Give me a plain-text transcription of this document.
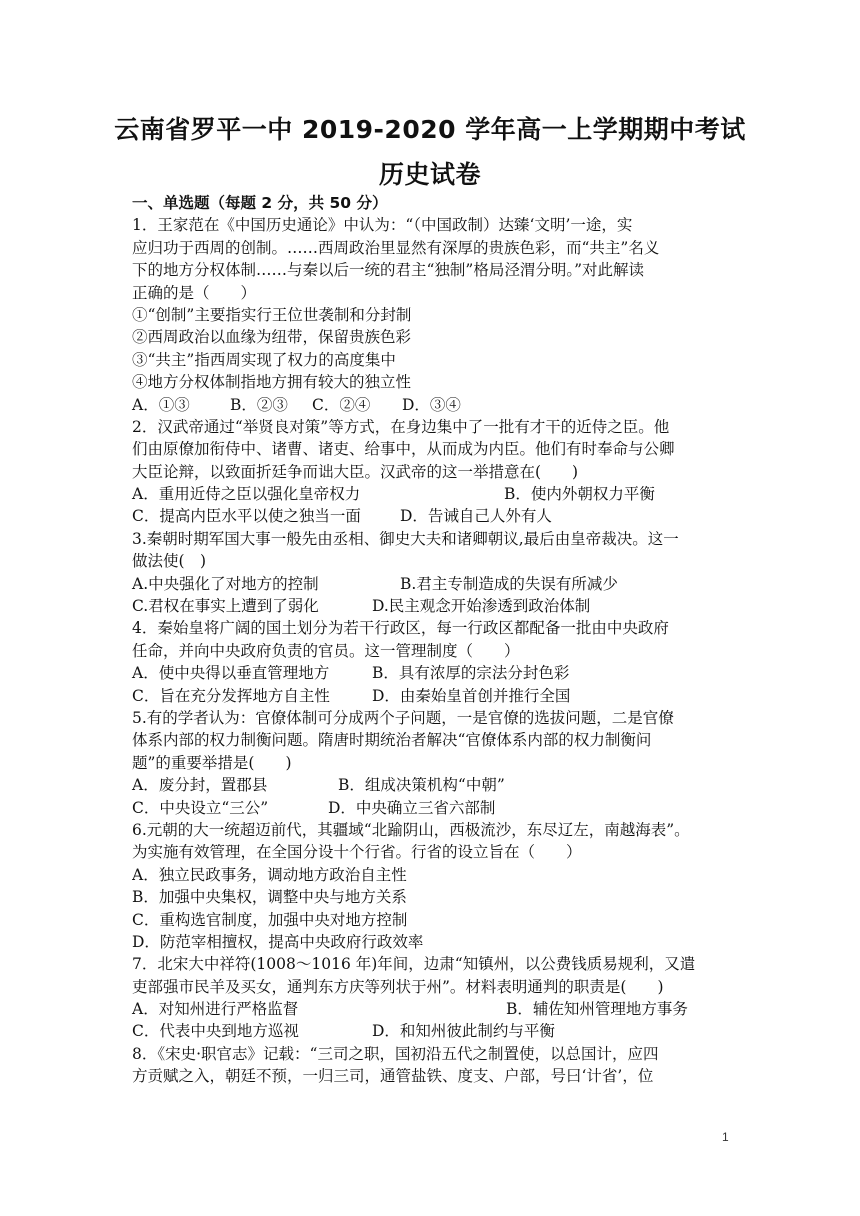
云南省罗平一中 2019-2020 学年高一上学期期中考试
历史试卷
一、单选题（每题 2 分，共 50 分）
1．王家范在《中国历史通论》中认为：“（中国政制）达臻‘文明’一途，实
应归功于西周的创制。……西周政治里显然有深厚的贵族色彩，而“共主”名义
下的地方分权体制……与秦以后一统的君主“独制”格局泾渭分明。”对此解读
正确的是（　　）
①“创制”主要指实行王位世袭制和分封制
②西周政治以血缘为纽带，保留贵族色彩
③“共主”指西周实现了权力的高度集中
④地方分权体制指地方拥有较大的独立性
A．①③	B．②③	C．②④	D．③④
2．汉武帝通过“举贤良对策”等方式，在身边集中了一批有才干的近侍之臣。他
们由原僚加衔侍中、诸曹、诸吏、给事中，从而成为内臣。他们有时奉命与公卿
大臣论辩，以致面折廷争而诎大臣。汉武帝的这一举措意在(　　)
A．重用近侍之臣以强化皇帝权力	B．使内外朝权力平衡
C．提高内臣水平以使之独当一面	D．告诫自己人外有人
3.秦朝时期军国大事一般先由丞相、御史大夫和诸卿朝议,最后由皇帝裁决。这一
做法使(　)
A.中央强化了对地方的控制	B.君主专制造成的失误有所减少
C.君权在事实上遭到了弱化	D.民主观念开始渗透到政治体制
4．秦始皇将广阔的国土划分为若干行政区，每一行政区都配备一批由中央政府
任命，并向中央政府负责的官员。这一管理制度（　　）
A．使中央得以垂直管理地方	B．具有浓厚的宗法分封色彩
C．旨在充分发挥地方自主性	D．由秦始皇首创并推行全国
5.有的学者认为：官僚体制可分成两个子问题，一是官僚的选拔问题，二是官僚
体系内部的权力制衡问题。隋唐时期统治者解决“官僚体系内部的权力制衡问
题”的重要举措是(　　)
A．废分封，置郡县	B．组成决策机构“中朝”
C．中央设立“三公”	D．中央确立三省六部制
6.元朝的大一统超迈前代，其疆域“北踰阴山，西极流沙，东尽辽左，南越海表”。
为实施有效管理，在全国分设十个行省。行省的设立旨在（　　）
A．独立民政事务，调动地方政治自主性
B．加强中央集权，调整中央与地方关系
C．重构选官制度，加强中央对地方控制
D．防范宰相擅权，提高中央政府行政效率
7．北宋大中祥符(1008～1016 年)年间，边肃“知镇州，以公费钱质易规利，又遣
吏部强市民羊及买女，通判东方庆等列状于州”。材料表明通判的职责是(　　)
A．对知州进行严格监督	B．辅佐知州管理地方事务
C．代表中央到地方巡视	D．和知州彼此制约与平衡
8．《宋史·职官志》记载：“三司之职，国初沿五代之制置使，以总国计，应四
方贡赋之入，朝廷不预，一归三司，通管盐铁、度支、户部，号曰‘计省’，位
1
